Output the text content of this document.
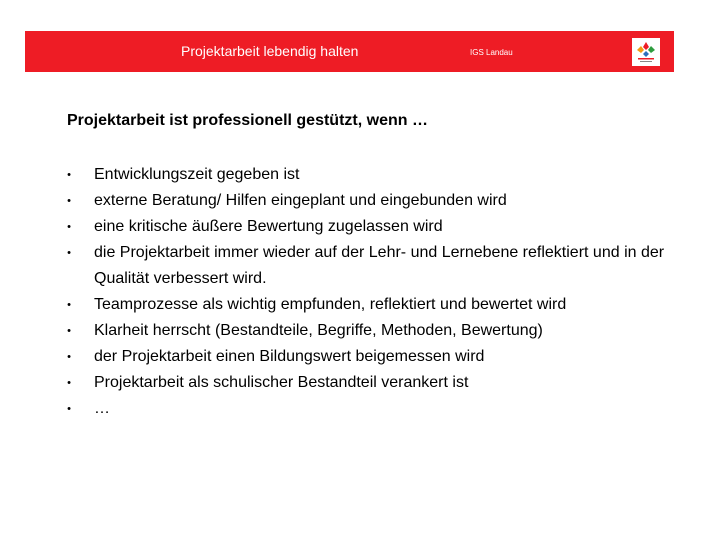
Projektarbeit lebendig halten	IGS Landau
Projektarbeit ist professionell gestützt, wenn …
•	Entwicklungszeit gegeben ist
•	externe Beratung/ Hilfen eingeplant und eingebunden wird
•	eine kritische äußere Bewertung zugelassen wird
•	die Projektarbeit immer wieder auf der Lehr- und Lernebene reflektiert und in der Qualität verbessert wird.
•	Teamprozesse als wichtig empfunden, reflektiert und bewertet wird
•	Klarheit herrscht (Bestandteile, Begriffe, Methoden, Bewertung)
•	der Projektarbeit einen Bildungswert beigemessen wird
•	Projektarbeit als schulischer Bestandteil verankert ist
•	…
